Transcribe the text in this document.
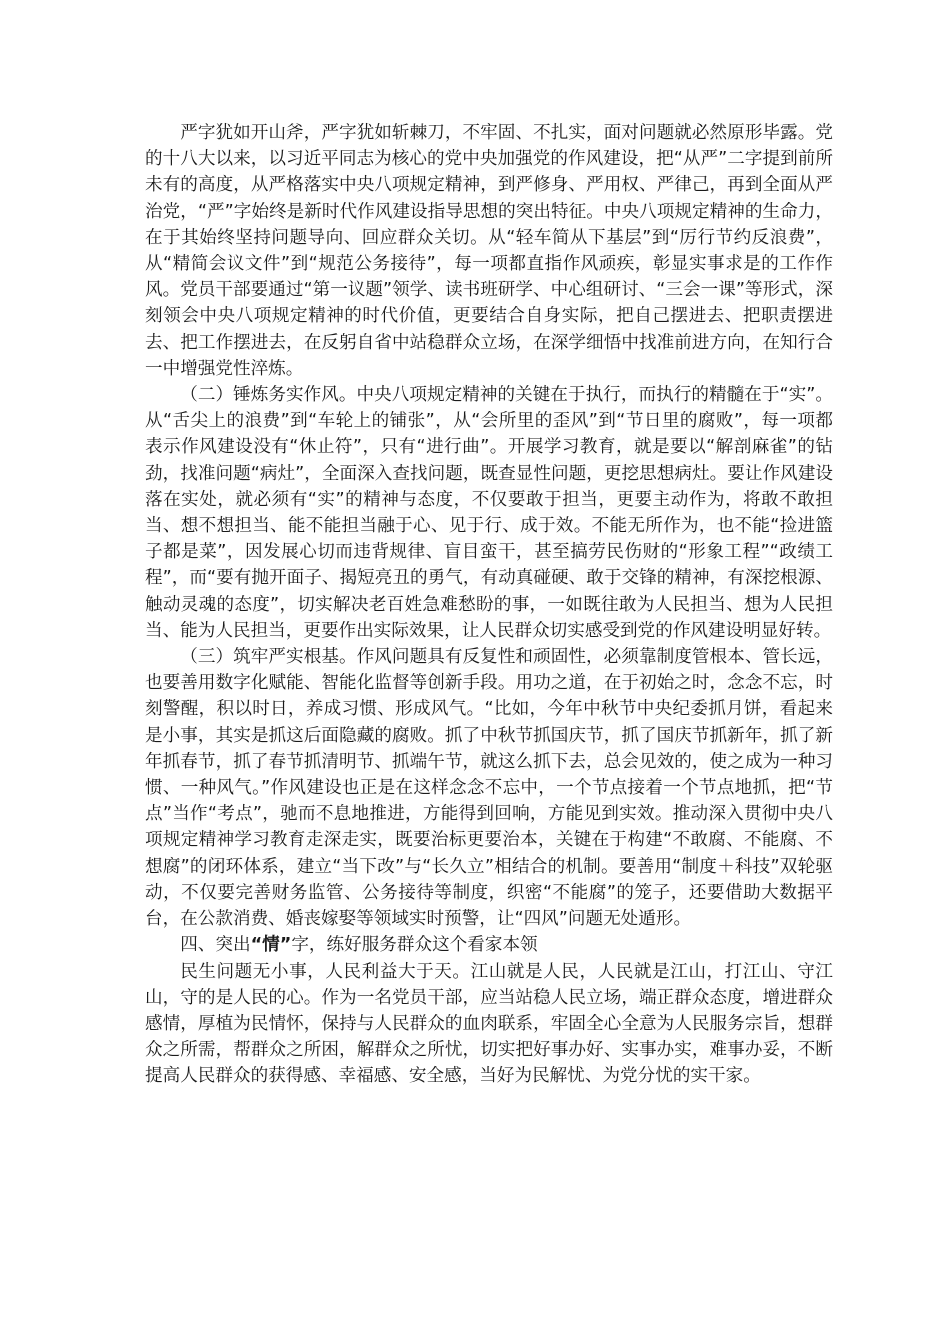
严字犹如开山斧，严字犹如斩棘刀，不牢固、不扎实，面对问题就必然原形毕露。党的十八大以来，以习近平同志为核心的党中央加强党的作风建设，把“从严”二字提到前所未有的高度，从严格落实中央八项规定精神，到严修身、严用权、严律己，再到全面从严治党，“严”字始终是新时代作风建设指导思想的突出特征。中央八项规定精神的生命力，在于其始终坚持问题导向、回应群众关切。从“轻车简从下基层”到“厉行节约反浪费”，从“精简会议文件”到“规范公务接待”，每一项都直指作风顽疾，彰显实事求是的工作作风。党员干部要通过“第一议题”领学、读书班研学、中心组研讨、“三会一课”等形式，深刻领会中央八项规定精神的时代价值，更要结合自身实际，把自己摆进去、把职责摆进去、把工作摆进去，在反躬自省中站稳群众立场，在深学细悟中找准前进方向，在知行合一中增强党性淬炼。

（二）锤炼务实作风。中央八项规定精神的关键在于执行，而执行的精髓在于“实”。从“舌尖上的浪费”到“车轮上的铺张”，从“会所里的歪风”到“节日里的腐败”，每一项都表示作风建设没有“休止符”，只有“进行曲”。开展学习教育，就是要以“解剖麻雀”的钻劲，找准问题“病灶”，全面深入查找问题，既查显性问题，更挖思想病灶。要让作风建设落在实处，就必须有“实”的精神与态度，不仅要敢于担当，更要主动作为，将敢不敢担当、想不想担当、能不能担当融于心、见于行、成于效。不能无所作为，也不能“捡进篮子都是菜”，因发展心切而违背规律、盲目蛮干，甚至搞劳民伤财的“形象工程”“政绩工程”，而“要有抛开面子、揭短亮丑的勇气，有动真碰硬、敢于交锋的精神，有深挖根源、触动灵魂的态度”，切实解决老百姓急难愁盼的事，一如既往敢为人民担当、想为人民担当、能为人民担当，更要作出实际效果，让人民群众切实感受到党的作风建设明显好转。

（三）筑牢严实根基。作风问题具有反复性和顽固性，必须靠制度管根本、管长远，也要善用数字化赋能、智能化监督等创新手段。用功之道，在于初始之时，念念不忘，时刻警醒，积以时日，养成习惯、形成风气。“比如，今年中秋节中央纪委抓月饼，看起来是小事，其实是抓这后面隐藏的腐败。抓了中秋节抓国庆节，抓了国庆节抓新年，抓了新年抓春节，抓了春节抓清明节、抓端午节，就这么抓下去，总会见效的，使之成为一种习惯、一种风气。”作风建设也正是在这样念念不忘中，一个节点接着一个节点地抓，把“节点”当作“考点”，驰而不息地推进，方能得到回响，方能见到实效。推动深入贯彻中央八项规定精神学习教育走深走实，既要治标更要治本，关键在于构建“不敢腐、不能腐、不想腐”的闭环体系，建立“当下改”与“长久立”相结合的机制。要善用“制度＋科技”双轮驱动，不仅要完善财务监管、公务接待等制度，织密“不能腐”的笼子，还要借助大数据平台，在公款消费、婚丧嫁娶等领域实时预警，让“四风”问题无处遁形。

四、突出“情”字，练好服务群众这个看家本领

民生问题无小事，人民利益大于天。江山就是人民，人民就是江山，打江山、守江山，守的是人民的心。作为一名党员干部，应当站稳人民立场，端正群众态度，增进群众感情，厚植为民情怀，保持与人民群众的血肉联系，牢固全心全意为人民服务宗旨，想群众之所需，帮群众之所困，解群众之所忧，切实把好事办好、实事办实，难事办妥，不断提高人民群众的获得感、幸福感、安全感，当好为民解忧、为党分忧的实干家。
